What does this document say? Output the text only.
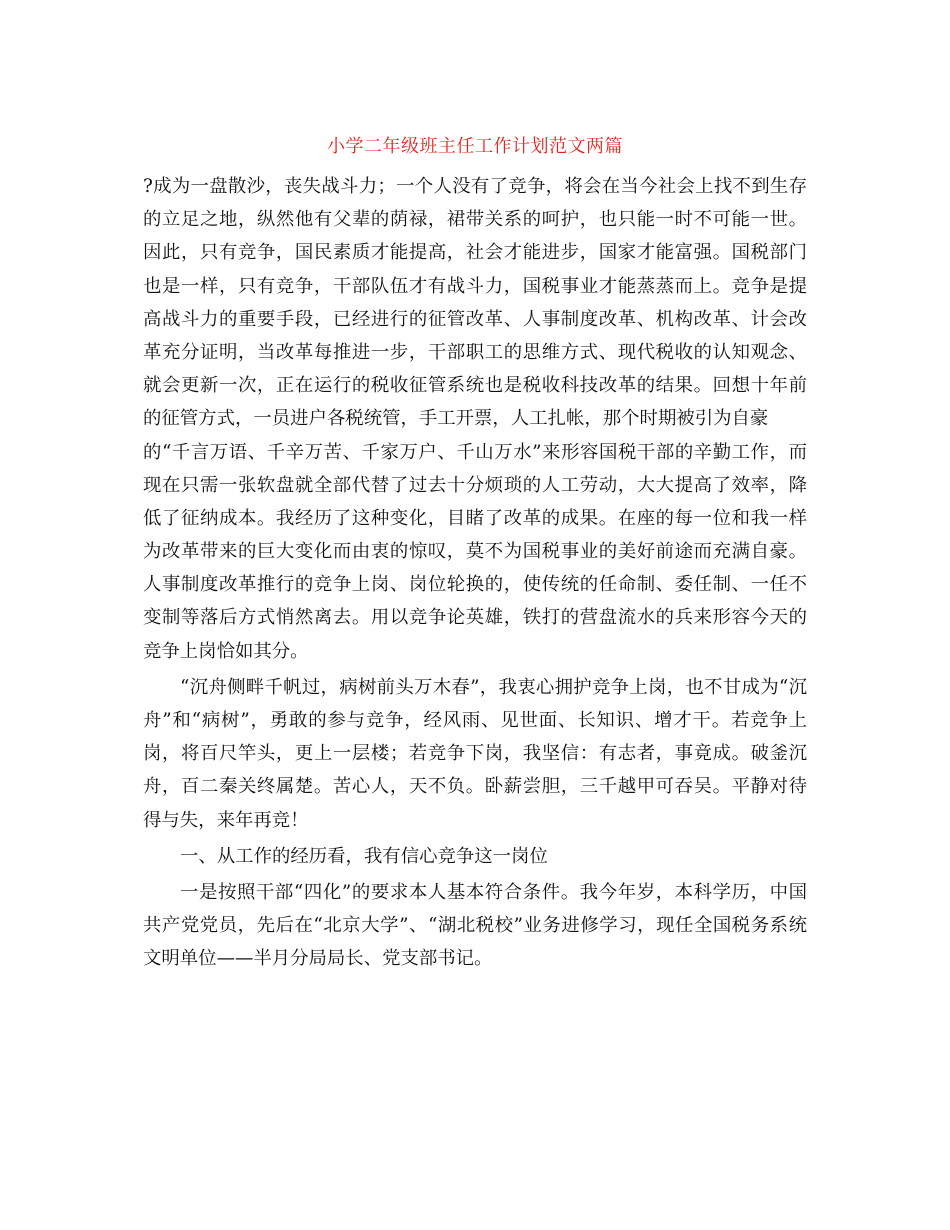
小学二年级班主任工作计划范文两篇
?成为一盘散沙，丧失战斗力；一个人没有了竞争，将会在当今社会上找不到生存
的立足之地，纵然他有父辈的荫禄，裙带关系的呵护，也只能一时不可能一世。
因此，只有竞争，国民素质才能提高，社会才能进步，国家才能富强。国税部门
也是一样，只有竞争，干部队伍才有战斗力，国税事业才能蒸蒸而上。竞争是提
高战斗力的重要手段，已经进行的征管改革、人事制度改革、机构改革、计会改
革充分证明，当改革每推进一步，干部职工的思维方式、现代税收的认知观念、
就会更新一次，正在运行的税收征管系统也是税收科技改革的结果。回想十年前
的征管方式，一员进户各税统管，手工开票，人工扎帐，那个时期被引为自豪
的“千言万语、千辛万苦、千家万户、千山万水”来形容国税干部的辛勤工作，而
现在只需一张软盘就全部代替了过去十分烦琐的人工劳动，大大提高了效率，降
低了征纳成本。我经历了这种变化，目睹了改革的成果。在座的每一位和我一样
为改革带来的巨大变化而由衷的惊叹，莫不为国税事业的美好前途而充满自豪。
人事制度改革推行的竞争上岗、岗位轮换的，使传统的任命制、委任制、一任不
变制等落后方式悄然离去。用以竞争论英雄，铁打的营盘流水的兵来形容今天的
竞争上岗恰如其分。
“沉舟侧畔千帆过，病树前头万木春”，我衷心拥护竞争上岗，也不甘成为“沉
舟”和“病树”，勇敢的参与竞争，经风雨、见世面、长知识、增才干。若竞争上
岗，将百尺竿头，更上一层楼；若竞争下岗，我坚信：有志者，事竟成。破釜沉
舟，百二秦关终属楚。苦心人，天不负。卧薪尝胆，三千越甲可吞吴。平静对待
得与失，来年再竞！
一、从工作的经历看，我有信心竞争这一岗位
一是按照干部“四化”的要求本人基本符合条件。我今年岁，本科学历，中国
共产党党员，先后在“北京大学”、“湖北税校”业务进修学习，现任全国税务系统
文明单位——半月分局局长、党支部书记。
